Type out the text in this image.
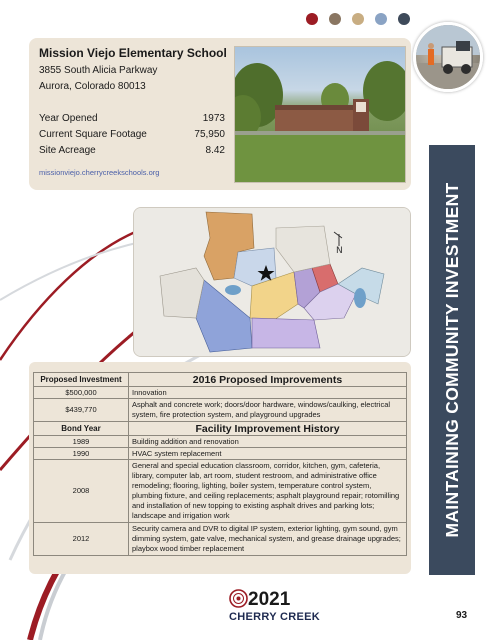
Mission Viejo Elementary School
3855 South Alicia Parkway
Aurora, Colorado 80013
Year Opened	1973
Current Square Footage	75,950
Site Acreage	8.42
missionviejo.cherrycreekschools.org
N	MAINTAINING COMMUNITY INVESTMENT
Proposed Investment	2016 Proposed Improvements
$500,000	Innovation
$439,770	Asphalt and concrete work; doors/door hardware, windows/caulking, electrical system, fire protection system, and playground upgrades
Bond Year	Facility Improvement History
1989	Building addition and renovation
1990	HVAC system replacement
2008	General and special education classroom, corridor, kitchen, gym, cafeteria, library, computer lab, art room, student restroom, and administrative office remodeling; flooring, lighting, boiler system, temperature control system, plumbing fixture, and ceiling replacements; asphalt playground repair; rotomilling and installation of new topping to existing asphalt drives and parking lots; landscape and irrigation work
2012	Security camera and DVR to digital IP system, exterior lighting, gym sound, gym dimming system, gate valve, mechanical system, and grease drainage upgrades; playbox wood timber replacement
2021
CHERRY CREEK	93
